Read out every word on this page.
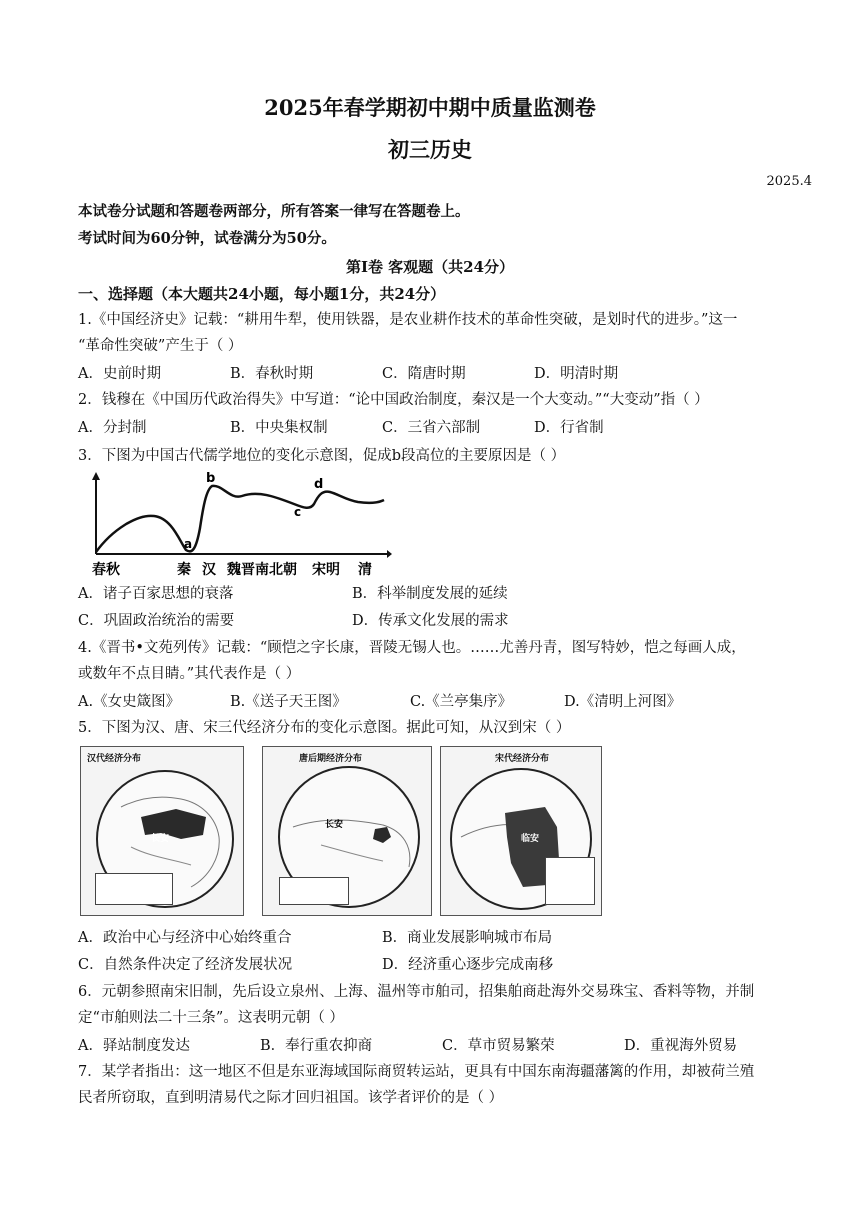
2025年春学期初中期中质量监测卷
初三历史
2025.4
本试卷分试题和答题卷两部分，所有答案一律写在答题卷上。
考试时间为60分钟，试卷满分为50分。
第Ⅰ卷 客观题（共24分）
一、选择题（本大题共24小题，每小题1分，共24分）
1.《中国经济史》记载：“耕用牛犁，使用铁器，是农业耕作技术的革命性突破，是划时代的进步。”这一
“革命性突破”产生于（ ）
A．史前时期	B．春秋时期	C．隋唐时期	D．明清时期
2．钱穆在《中国历代政治得失》中写道：“论中国政治制度，秦汉是一个大变动。”“大变动”指（ ）
A．分封制	B．中央集权制	C．三省六部制	D．行省制
3．下图为中国古代儒学地位的变化示意图，促成b段高位的主要原因是（ ）
a
b
c
d
春秋	秦 汉 魏晋南北朝 宋明 清
A．诸子百家思想的衰落	B．科举制度发展的延续
C．巩固政治统治的需要	D．传承文化发展的需求
4.《晋书•文苑列传》记载：“顾恺之字长康，晋陵无锡人也。……尤善丹青，图写特妙，恺之每画人成，
或数年不点目睛。”其代表作是（ ）
A.《女史箴图》	B.《送子天王图》	C.《兰亭集序》	D.《清明上河图》
5．下图为汉、唐、宋三代经济分布的变化示意图。据此可知，从汉到宋（ ）
汉代经济分布
长安
唐后期经济分布
长安
宋代经济分布
临安
A．政治中心与经济中心始终重合	B．商业发展影响城市布局
C．自然条件决定了经济发展状况	D．经济重心逐步完成南移
6．元朝参照南宋旧制，先后设立泉州、上海、温州等市舶司，招集舶商赴海外交易珠宝、香料等物，并制
定“市舶则法二十三条”。这表明元朝（ ）
A．驿站制度发达	B．奉行重农抑商	C．草市贸易繁荣	D．重视海外贸易
7．某学者指出：这一地区不但是东亚海域国际商贸转运站，更具有中国东南海疆藩篱的作用，却被荷兰殖
民者所窃取，直到明清易代之际才回归祖国。该学者评价的是（ ）
